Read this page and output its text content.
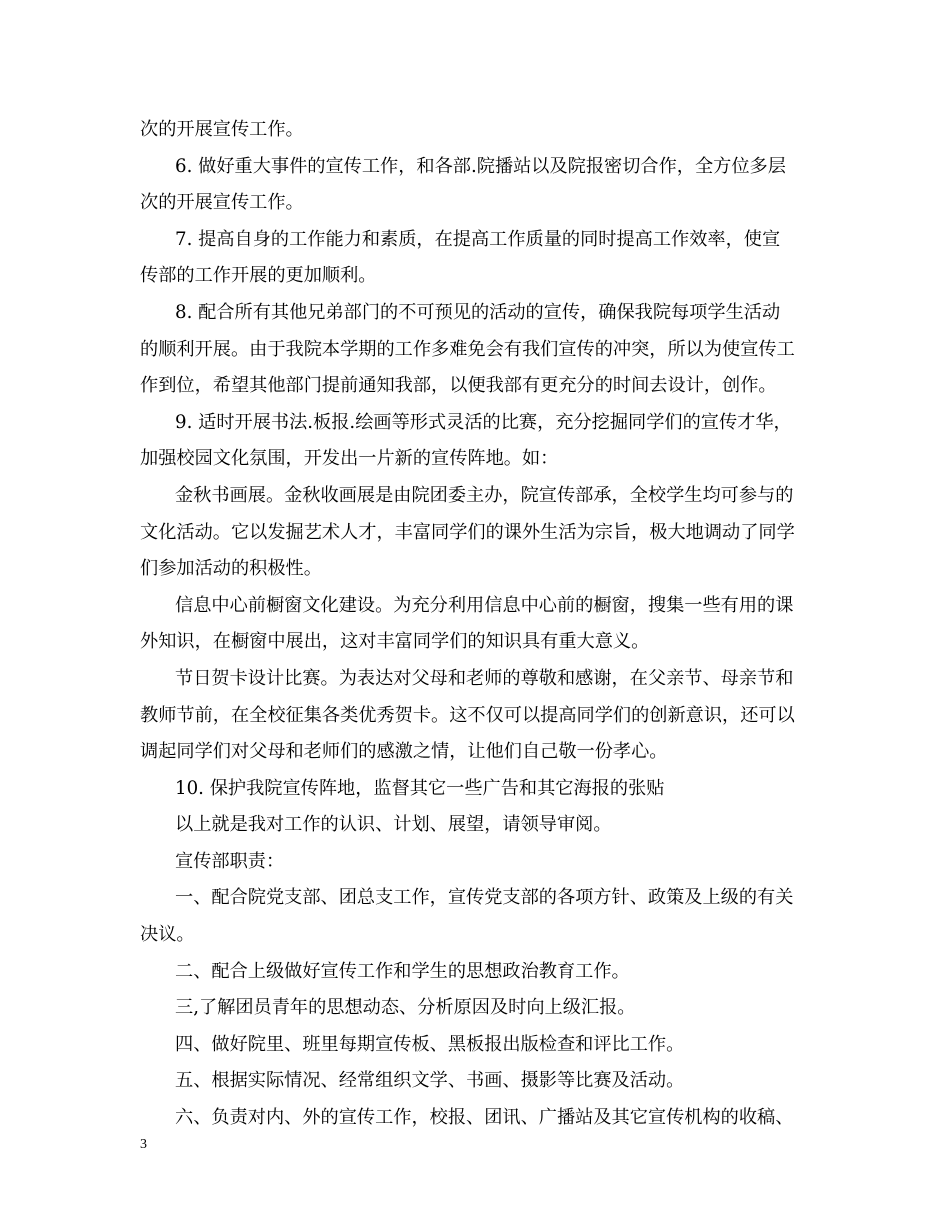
次的开展宣传工作。
6. 做好重大事件的宣传工作，和各部.院播站以及院报密切合作，全方位多层
次的开展宣传工作。
7. 提高自身的工作能力和素质，在提高工作质量的同时提高工作效率，使宣
传部的工作开展的更加顺利。
8. 配合所有其他兄弟部门的不可预见的活动的宣传，确保我院每项学生活动
的顺利开展。由于我院本学期的工作多难免会有我们宣传的冲突，所以为使宣传工
作到位，希望其他部门提前通知我部，以便我部有更充分的时间去设计，创作。
9. 适时开展书法.板报.绘画等形式灵活的比赛，充分挖掘同学们的宣传才华，
加强校园文化氛围，开发出一片新的宣传阵地。如：
金秋书画展。金秋收画展是由院团委主办，院宣传部承，全校学生均可参与的
文化活动。它以发掘艺术人才，丰富同学们的课外生活为宗旨，极大地调动了同学
们参加活动的积极性。
信息中心前橱窗文化建设。为充分利用信息中心前的橱窗，搜集一些有用的课
外知识，在橱窗中展出，这对丰富同学们的知识具有重大意义。
节日贺卡设计比赛。为表达对父母和老师的尊敬和感谢，在父亲节、母亲节和
教师节前，在全校征集各类优秀贺卡。这不仅可以提高同学们的创新意识，还可以
调起同学们对父母和老师们的感激之情，让他们自己敬一份孝心。
10. 保护我院宣传阵地，监督其它一些广告和其它海报的张贴
以上就是我对工作的认识、计划、展望，请领导审阅。
宣传部职责：
一、配合院党支部、团总支工作，宣传党支部的各项方针、政策及上级的有关
决议。
二、配合上级做好宣传工作和学生的思想政治教育工作。
三,了解团员青年的思想动态、分析原因及时向上级汇报。
四、做好院里、班里每期宣传板、黑板报出版检查和评比工作。
五、根据实际情况、经常组织文学、书画、摄影等比赛及活动。
六、负责对内、外的宣传工作，校报、团讯、广播站及其它宣传机构的收稿、
3
